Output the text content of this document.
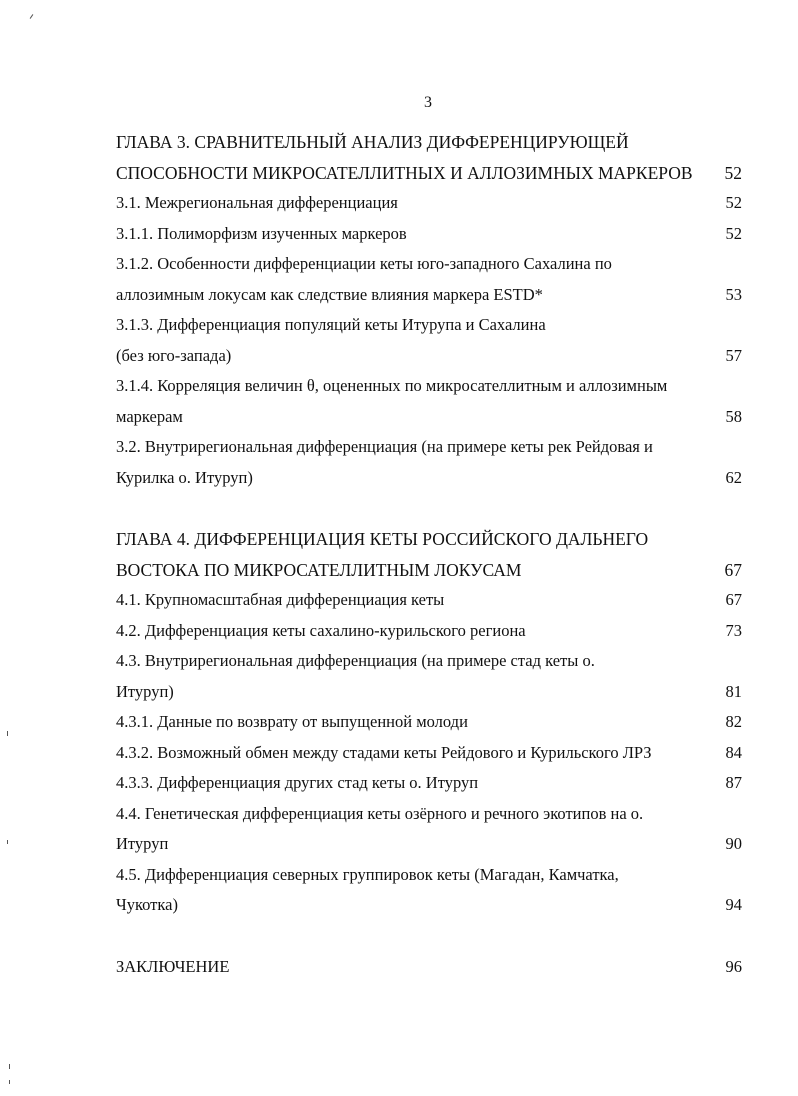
3
ГЛАВА 3. СРАВНИТЕЛЬНЫЙ АНАЛИЗ ДИФФЕРЕНЦИРУЮЩЕЙ
СПОСОБНОСТИ МИКРОСАТЕЛЛИТНЫХ И АЛЛОЗИМНЫХ МАРКЕРОВ 52
3.1. Межрегиональная дифференциация	52
3.1.1. Полиморфизм изученных маркеров	52
3.1.2. Особенности дифференциации кеты юго-западного Сахалина по
аллозимным локусам как следствие влияния маркера ESTD*	53
3.1.3. Дифференциация популяций кеты Итурупа и Сахалина
(без юго-запада)	57
3.1.4. Корреляция величин θ, оцененных по микросателлитным и аллозимным
маркерам	58
3.2. Внутрирегиональная дифференциация (на примере кеты рек Рейдовая и
Курилка о. Итуруп)	62
ГЛАВА 4. ДИФФЕРЕНЦИАЦИЯ КЕТЫ РОССИЙСКОГО ДАЛЬНЕГО
ВОСТОКА ПО МИКРОСАТЕЛЛИТНЫМ ЛОКУСАМ	67
4.1. Крупномасштабная дифференциация кеты	67
4.2. Дифференциация кеты сахалино-курильского региона	73
4.3. Внутрирегиональная дифференциация (на примере стад кеты о.
Итуруп)	81
4.3.1. Данные по возврату от выпущенной молоди	82
4.3.2. Возможный обмен между стадами кеты Рейдового и Курильского ЛРЗ	84
4.3.3. Дифференциация других стад кеты о. Итуруп	87
4.4. Генетическая дифференциация кеты озёрного и речного экотипов на о.
Итуруп	90
4.5. Дифференциация северных группировок кеты (Магадан, Камчатка,
Чукотка)	94
ЗАКЛЮЧЕНИЕ	96
